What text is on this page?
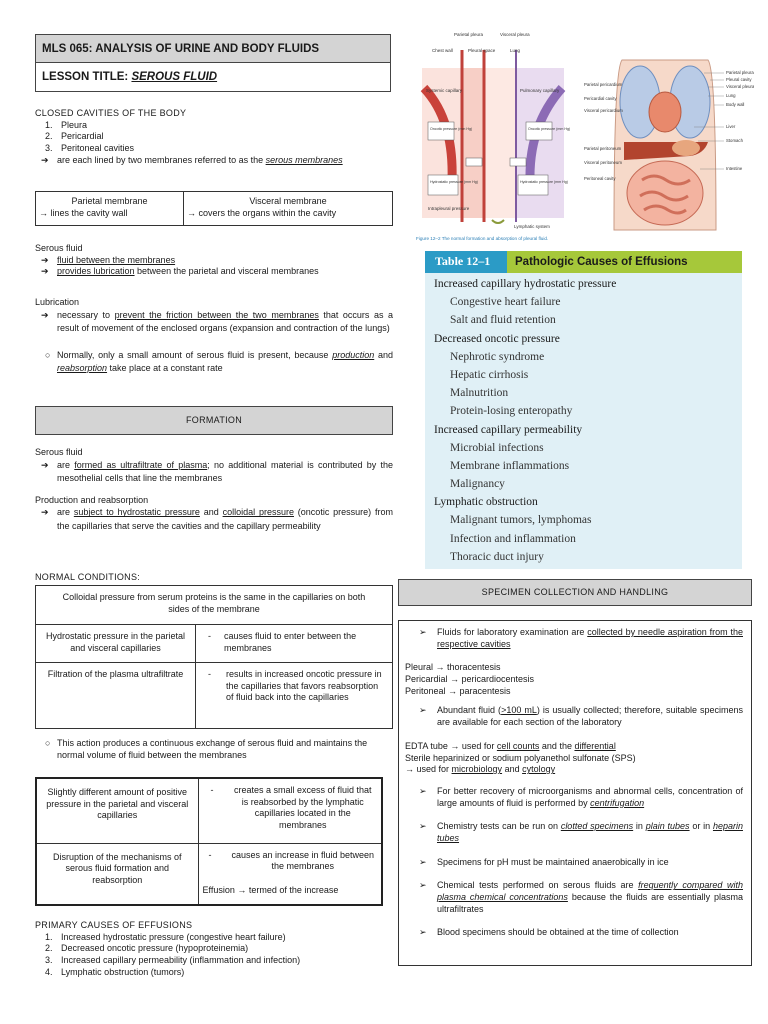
MLS 065: ANALYSIS OF URINE AND BODY FLUIDS
LESSON TITLE: SEROUS FLUID
CLOSED CAVITIES OF THE BODY
1. Pleura
2. Pericardial
3. Peritoneal cavities
➔ are each lined by two membranes referred to as the serous membranes
Parietal membrane
→ lines the cavity wall

Visceral membrane
→ covers the organs within the cavity
Serous fluid
➔ fluid between the membranes
➔ provides lubrication between the parietal and visceral membranes
Lubrication
➔ necessary to prevent the friction between the two membranes that occurs as a result of movement of the enclosed organs (expansion and contraction of the lungs)
○ Normally, only a small amount of serous fluid is present, because production and reabsorption take place at a constant rate
FORMATION
Serous fluid
➔ are formed as ultrafiltrate of plasma; no additional material is contributed by the mesothelial cells that line the membranes
Production and reabsorption
➔ are subject to hydrostatic pressure and colloidal pressure (oncotic pressure) from the capillaries that serve the cavities and the capillary permeability
NORMAL CONDITIONS:
Colloidal pressure from serum proteins is the same in the capillaries on both sides of the membrane	
Hydrostatic pressure in the parietal and visceral capillaries	- causes fluid to enter between the membranes

Filtration of the plasma ultrafiltrate	- results in increased oncotic pressure in the capillaries that favors reabsorption of fluid back into the capillaries
○ This action produces a continuous exchange of serous fluid and maintains the normal volume of fluid between the membranes
Slightly different amount of positive pressure in the parietal and visceral capillaries	- creates a small excess of fluid that is reabsorbed by the lymphatic capillaries located in the membranes

Disruption of the mechanisms of serous fluid formation and reabsorption	- causes an increase in fluid between the membranes
Effusion → termed of the increase
PRIMARY CAUSES OF EFFUSIONS
1. Increased hydrostatic pressure (congestive heart failure)
2. Decreased oncotic pressure (hypoproteinemia)
3. Increased capillary permeability (inflammation and infection)
4. Lymphatic obstruction (tumors)
Parietal pleura	Visceral pleura
Chest wall	Pleural space	Lung
Systemic capillary	Pulmonary capillary
Oncotic pressure (mm Hg)	Oncotic pressure (mm Hg)
Hydrostatic pressure (mm Hg)	Hydrostatic pressure (mm Hg)
Intrapleural pressure
Lymphatic system
Figure 12–2 The normal formation and absorption of pleural fluid.
Parietal pleura
Pleural cavity
Visceral pleura
Lung
Body wall
Liver
Stomach
Intestine
Parietal pericardium
Pericardial cavity
Visceral pericardium
Parietal peritoneum
Visceral peritoneum
Peritoneal cavity
Table 12–1	Pathologic Causes of Effusions
Increased capillary hydrostatic pressure
Congestive heart failure
Salt and fluid retention
Decreased oncotic pressure
Nephrotic syndrome
Hepatic cirrhosis
Malnutrition
Protein-losing enteropathy
Increased capillary permeability
Microbial infections
Membrane inflammations
Malignancy
Lymphatic obstruction
Malignant tumors, lymphomas
Infection and inflammation
Thoracic duct injury
SPECIMEN COLLECTION AND HANDLING
➢	Fluids for laboratory examination are collected by needle aspiration from the respective cavities
Pleural → thoracentesis
Pericardial → pericardiocentesis
Peritoneal → paracentesis
➢	Abundant fluid (>100 mL) is usually collected; therefore, suitable specimens are available for each section of the laboratory
EDTA tube → used for cell counts and the differential
Sterile heparinized or sodium polyanethol sulfonate (SPS)
→ used for microbiology and cytology
➢	For better recovery of microorganisms and abnormal cells, concentration of large amounts of fluid is performed by centrifugation
➢	Chemistry tests can be run on clotted specimens in plain tubes or in heparin tubes
➢	Specimens for pH must be maintained anaerobically in ice
➢	Chemical tests performed on serous fluids are frequently compared with plasma chemical concentrations because the fluids are essentially plasma ultrafiltrates
➢	Blood specimens should be obtained at the time of collection
